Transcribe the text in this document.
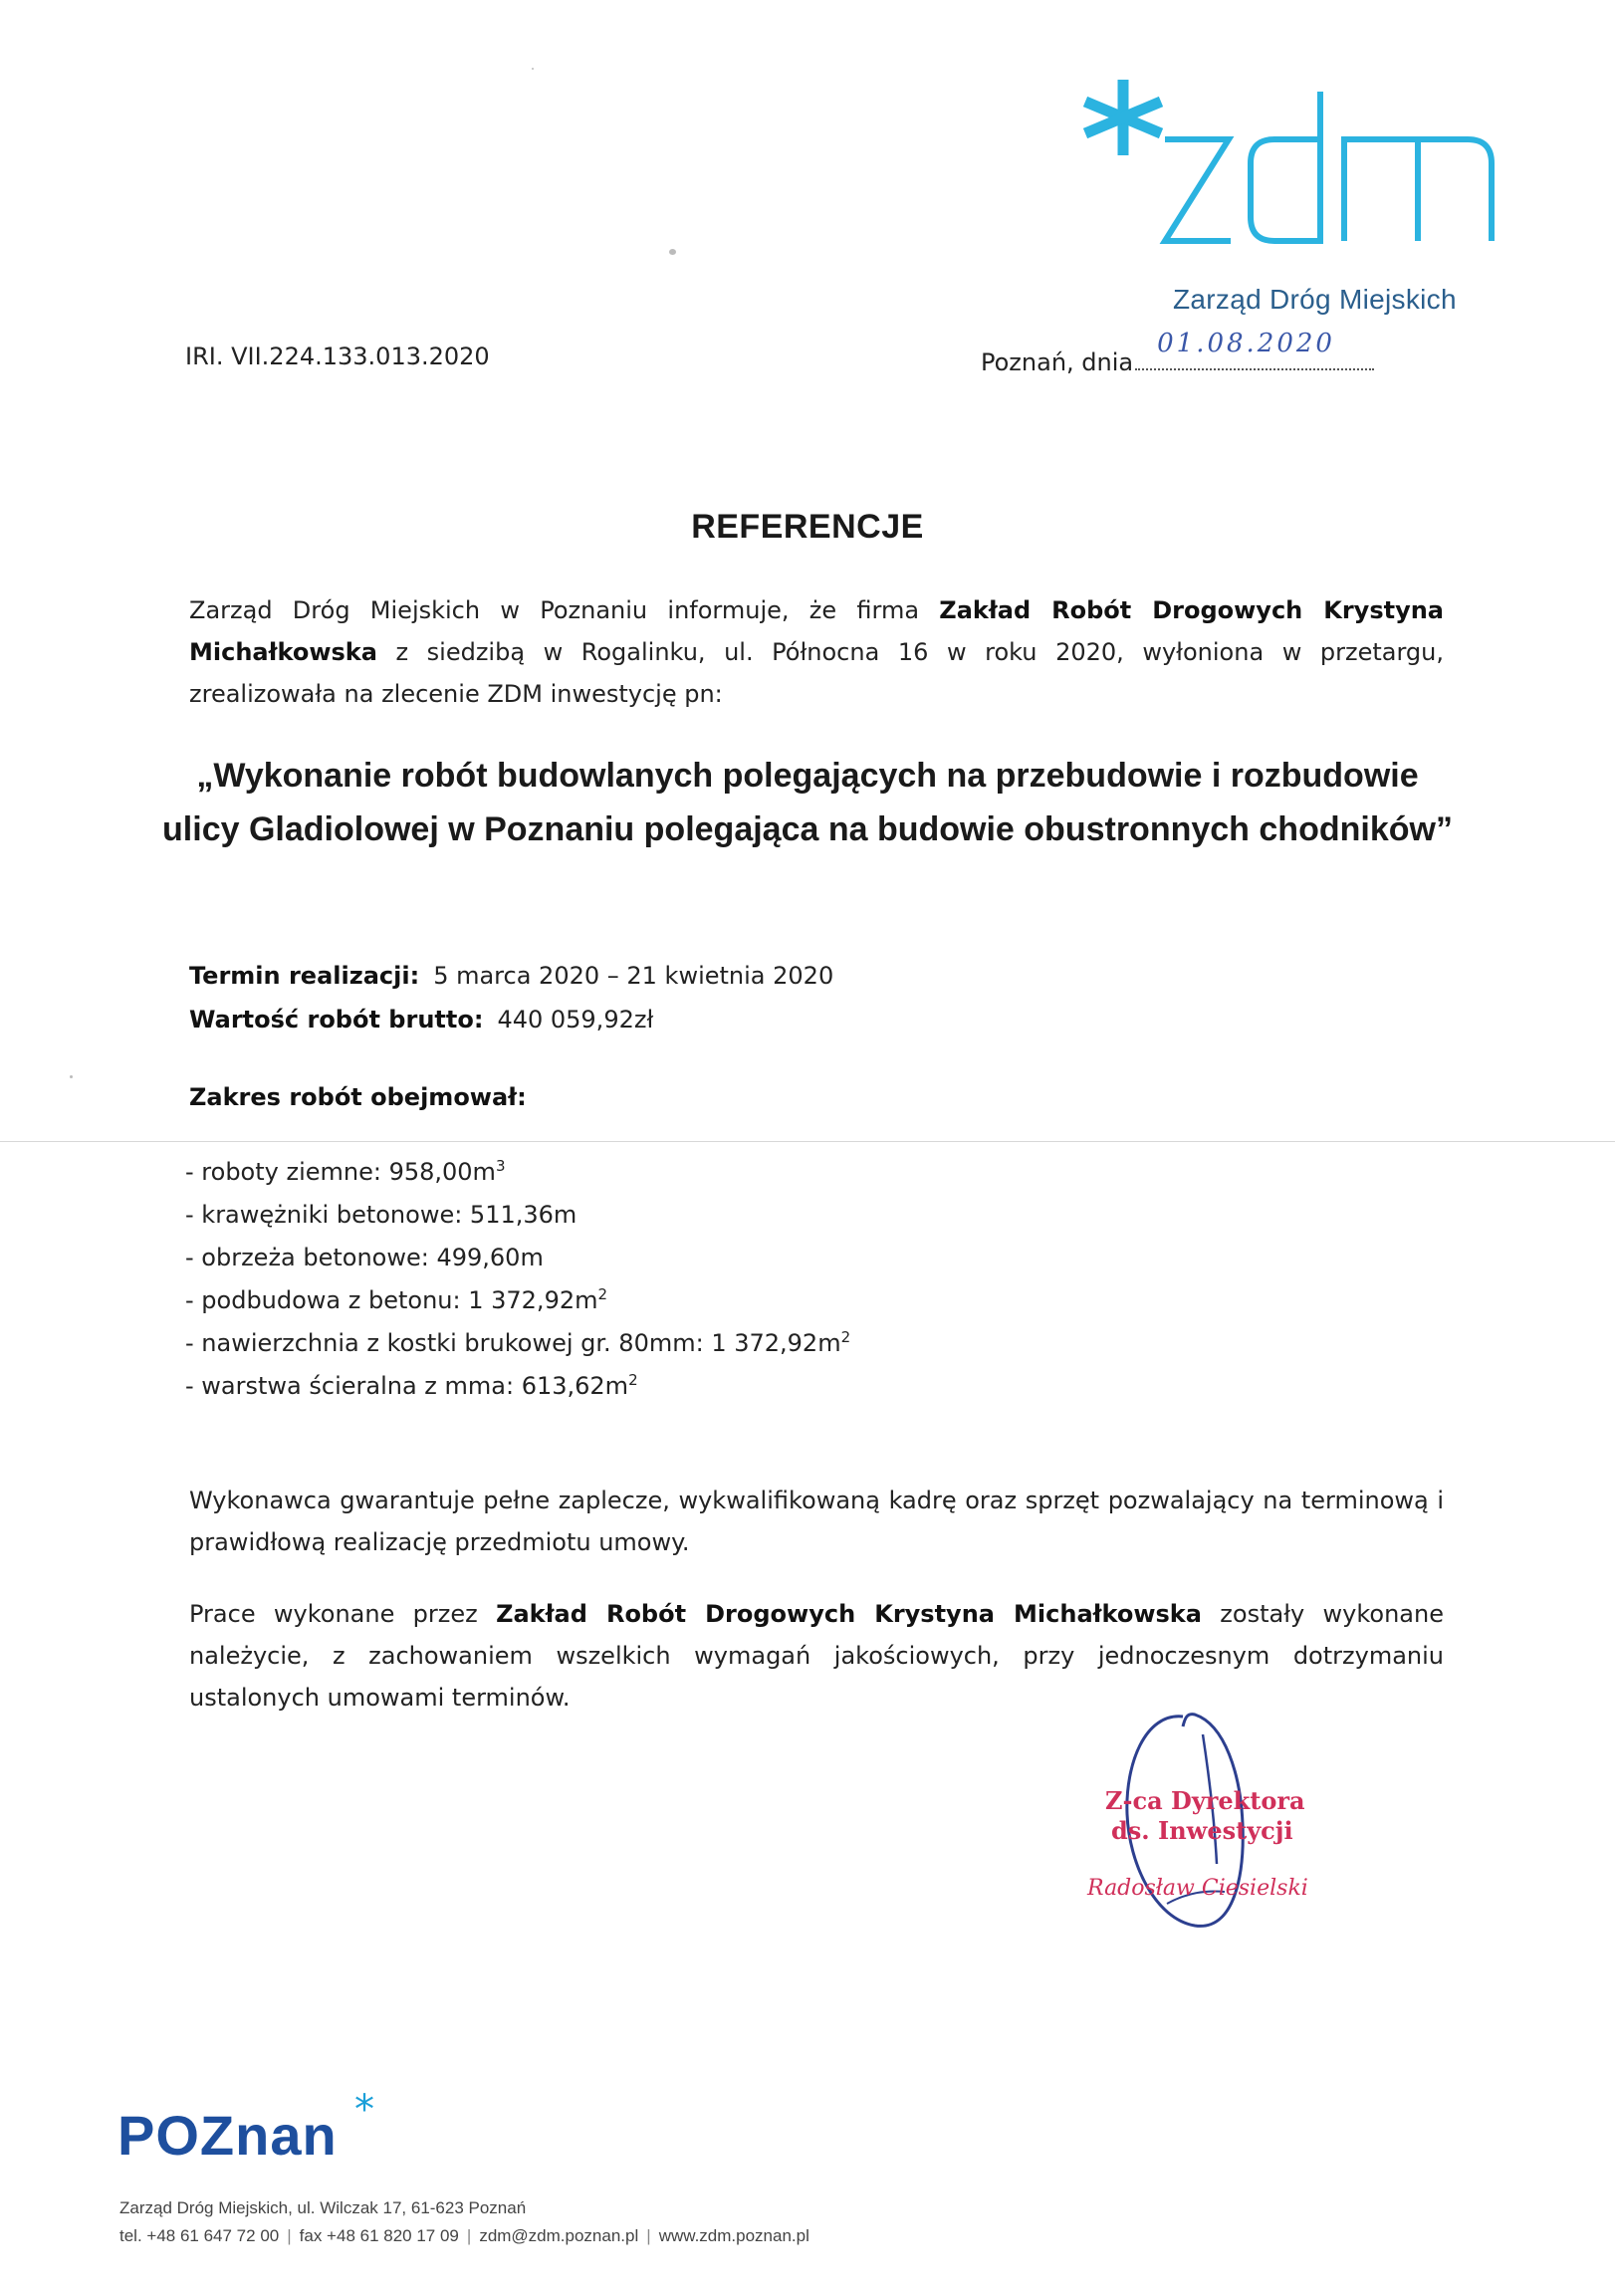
Zarząd Dróg Miejskich
IRI. VII.224.133.013.2020	Poznań, dnia
01.08.2020
REFERENCJE
Zarząd Dróg Miejskich w Poznaniu informuje, że firma Zakład Robót Drogowych Krystyna Michałkowska z siedzibą w Rogalinku, ul. Północna 16 w roku 2020, wyłoniona w przetargu, zrealizowała na zlecenie ZDM inwestycję pn:
„Wykonanie robót budowlanych polegających na przebudowie i rozbudowie ulicy Gladiolowej w Poznaniu polegająca na budowie obustronnych chodników”
Termin realizacji: 5 marca 2020 – 21 kwietnia 2020
Wartość robót brutto: 440 059,92zł
Zakres robót obejmował:
- roboty ziemne: $958,00m^3$
- krawężniki betonowe: 511,36m
- obrzeża betonowe: 499,60m
- podbudowa z betonu: 1 $372,92m^2$
- nawierzchnia z kostki brukowej gr. 80mm: 1 $372,92m^2$
- warstwa ścieralna z mma: $613,62m^2$
Wykonawca gwarantuje pełne zaplecze, wykwalifikowaną kadrę oraz sprzęt pozwalający na terminową i prawidłową realizację przedmiotu umowy.
Prace wykonane przez Zakład Robót Drogowych Krystyna Michałkowska zostały wykonane należycie, z zachowaniem wszelkich wymagań jakościowych, przy jednoczesnym dotrzymaniu ustalonych umowami terminów.
Z-ca Dyrektora
ds. Inwestycji
Radosław Ciesielski
POZnan *
Zarząd Dróg Miejskich, ul. Wilczak 17, 61-623 Poznań
tel. +48 61 647 72 00 | fax +48 61 820 17 09 | zdm@zdm.poznan.pl | www.zdm.poznan.pl
